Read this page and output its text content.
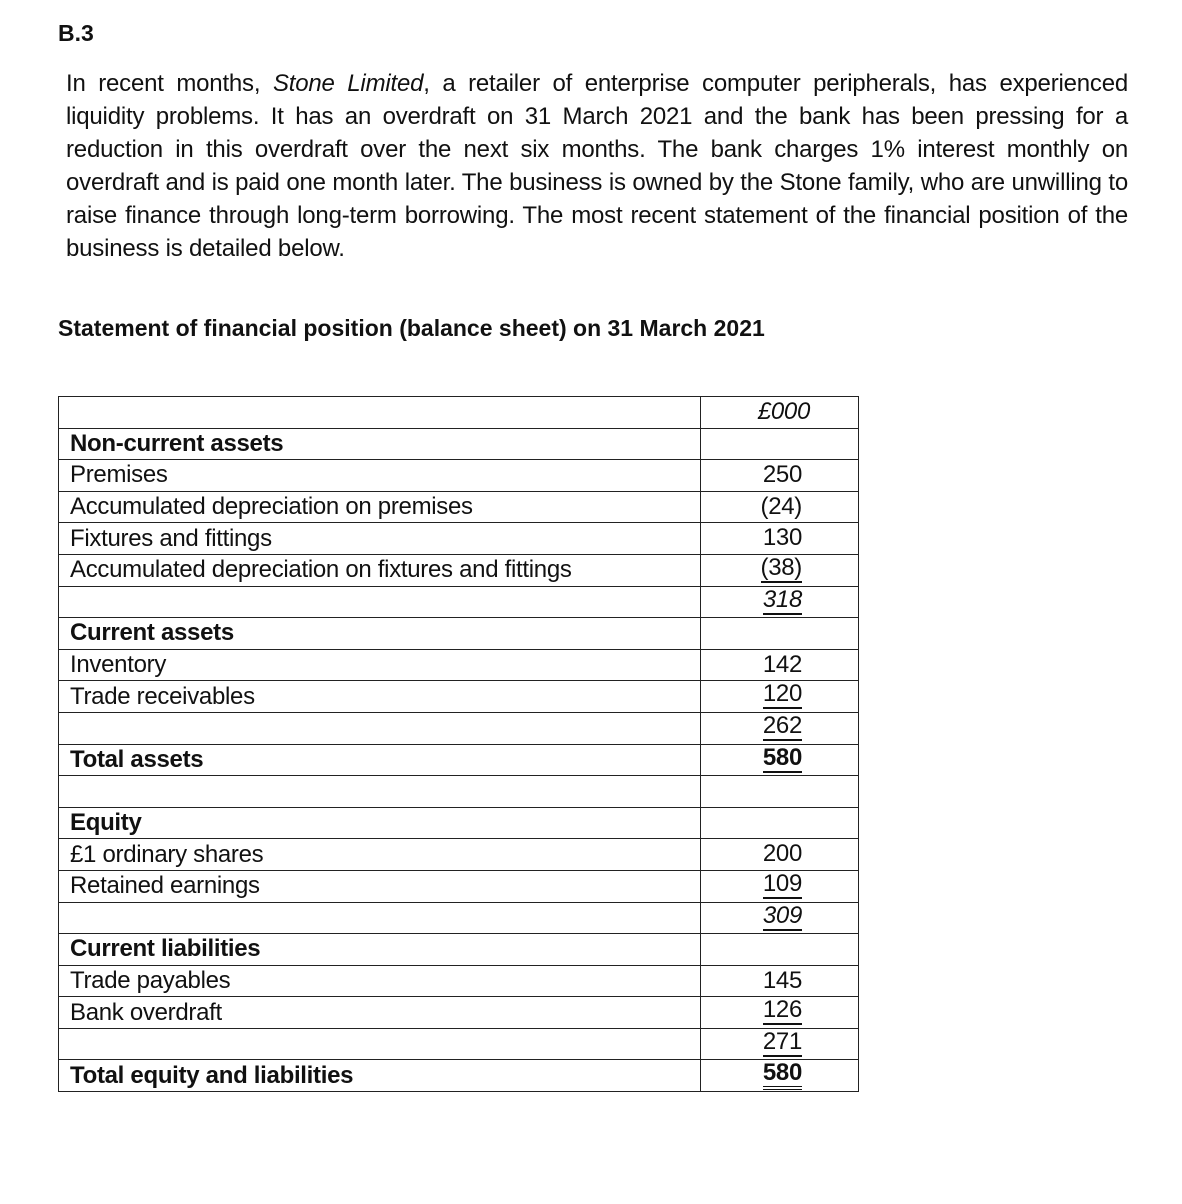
B.3

In recent months, Stone Limited, a retailer of enterprise computer peripherals, has experienced liquidity problems. It has an overdraft on 31 March 2021 and the bank has been pressing for a reduction in this overdraft over the next six months. The bank charges 1% interest monthly on overdraft and is paid one month later. The business is owned by the Stone family, who are unwilling to raise finance through long-term borrowing. The most recent statement of the financial position of the business is detailed below.

Statement of financial position (balance sheet) on 31 March 2021

	£000

Non-current assets	

Premises	250

Accumulated depreciation on premises	(24)

Fixtures and fittings	130

Accumulated depreciation on fixtures and fittings	(38)

	318

Current assets	

Inventory	142

Trade receivables	120

	262

Total assets	580

Equity	

£1 ordinary shares	200

Retained earnings	109

	309

Current liabilities	

Trade payables	145

Bank overdraft	126

	271

Total equity and liabilities	580
